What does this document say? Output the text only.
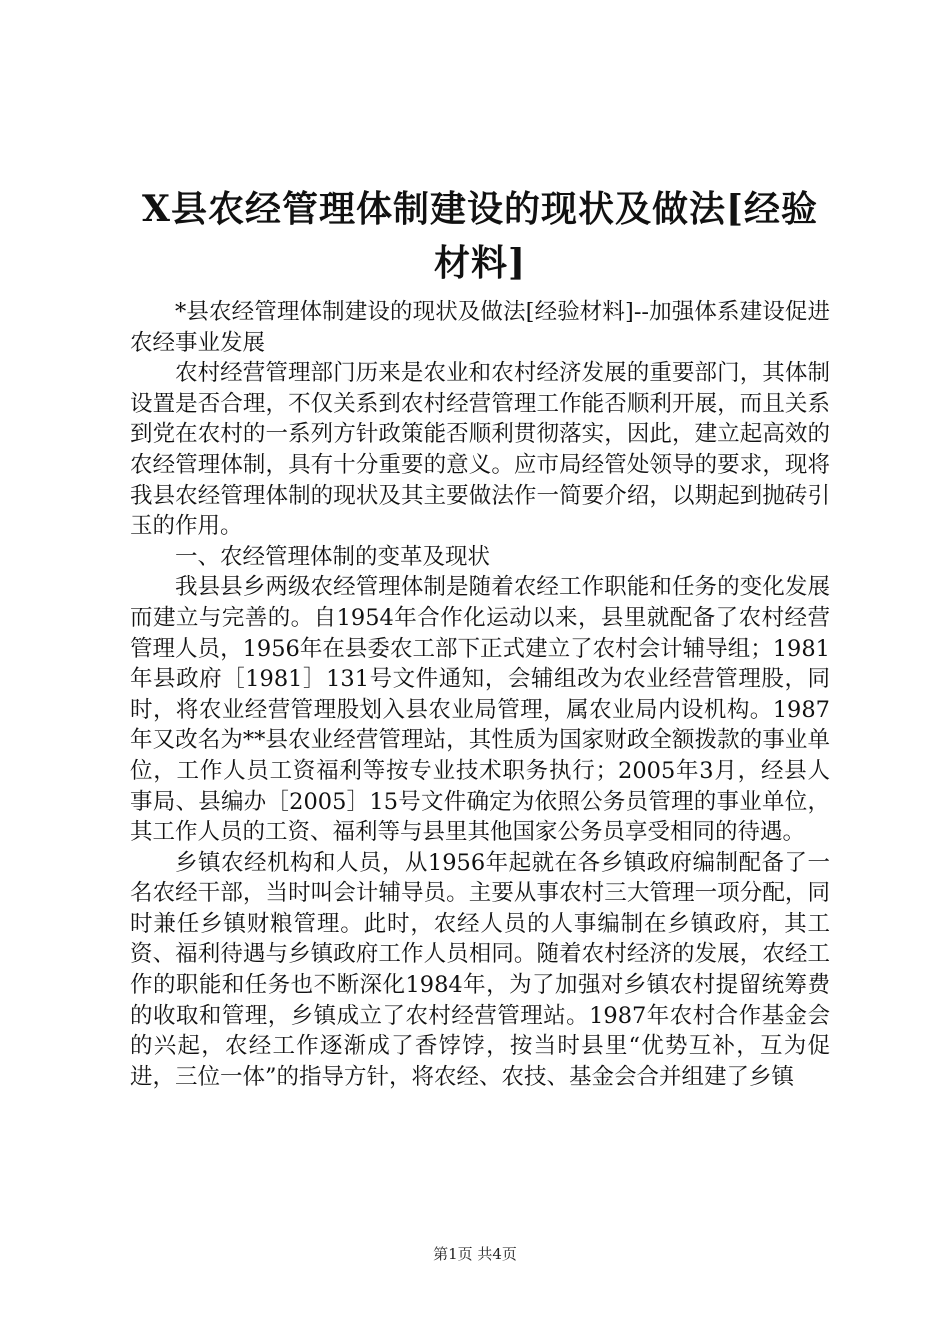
X县农经管理体制建设的现状及做法[经验材料]

*县农经管理体制建设的现状及做法[经验材料]--加强体系建设促进农经事业发展

农村经营管理部门历来是农业和农村经济发展的重要部门，其体制设置是否合理，不仅关系到农村经营管理工作能否顺利开展，而且关系到党在农村的一系列方针政策能否顺利贯彻落实，因此，建立起高效的农经管理体制，具有十分重要的意义。应市局经管处领导的要求，现将我县农经管理体制的现状及其主要做法作一简要介绍，以期起到抛砖引玉的作用。

一、农经管理体制的变革及现状

我县县乡两级农经管理体制是随着农经工作职能和任务的变化发展而建立与完善的。自1954年合作化运动以来，县里就配备了农村经营管理人员，1956年在县委农工部下正式建立了农村会计辅导组；1981年县政府［1981］131号文件通知，会辅组改为农业经营管理股，同时，将农业经营管理股划入县农业局管理，属农业局内设机构。1987年又改名为**县农业经营管理站，其性质为国家财政全额拨款的事业单位，工作人员工资福利等按专业技术职务执行；2005年3月，经县人事局、县编办［2005］15号文件确定为依照公务员管理的事业单位，其工作人员的工资、福利等与县里其他国家公务员享受相同的待遇。

乡镇农经机构和人员，从1956年起就在各乡镇政府编制配备了一名农经干部，当时叫会计辅导员。主要从事农村三大管理一项分配，同时兼任乡镇财粮管理。此时，农经人员的人事编制在乡镇政府，其工资、福利待遇与乡镇政府工作人员相同。随着农村经济的发展，农经工作的职能和任务也不断深化1984年，为了加强对乡镇农村提留统筹费的收取和管理，乡镇成立了农村经营管理站。1987年农村合作基金会的兴起，农经工作逐渐成了香饽饽，按当时县里“优势互补，互为促进，三位一体”的指导方针，将农经、农技、基金会合并组建了乡镇

第1页 共4页
